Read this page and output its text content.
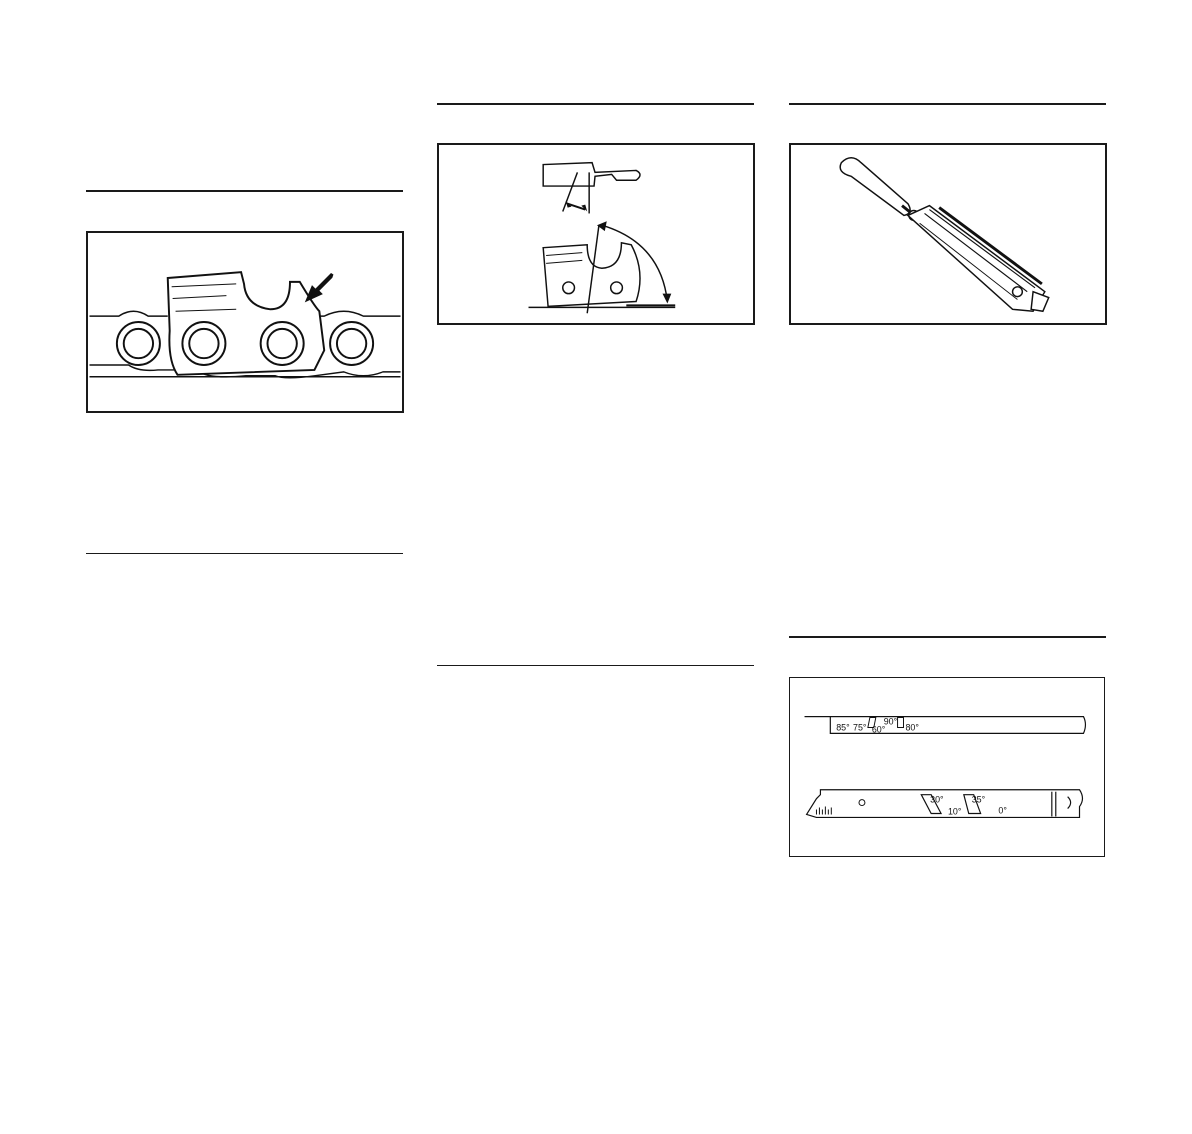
85° 75° 60°
90°
80°
30°
10°
35°
0°
